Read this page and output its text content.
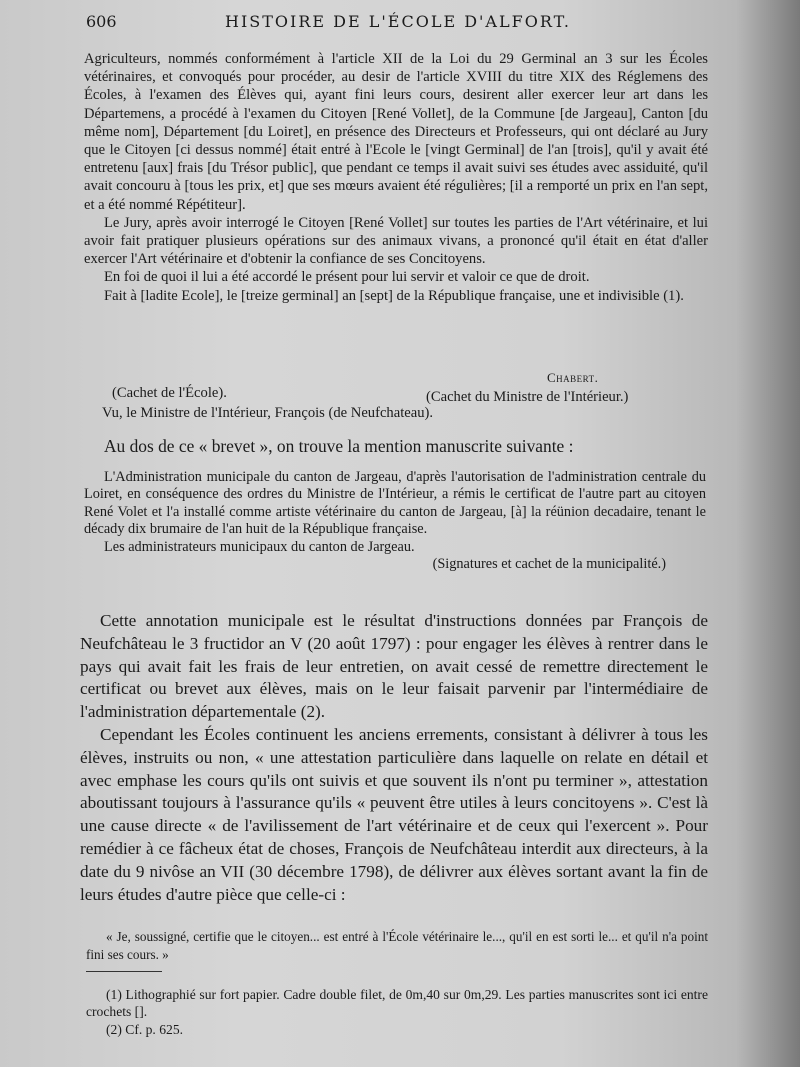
606	HISTOIRE DE L'ÉCOLE D'ALFORT.

Agriculteurs, nommés conformément à l'article XII de la Loi du 29 Germinal an 3 sur les Écoles vétérinaires, et convoqués pour procéder, au desir de l'article XVIII du titre XIX des Réglemens des Écoles, à l'examen des Élèves qui, ayant fini leurs cours, desirent aller exercer leur art dans les Départemens, a procédé à l'examen du Citoyen [René Vollet], de la Commune [de Jargeau], Canton [du même nom], Département [du Loiret], en présence des Directeurs et Professeurs, qui ont déclaré au Jury que le Citoyen [ci dessus nommé] était entré à l'Ecole le [vingt Germinal] de l'an [trois], qu'il y avait été entretenu [aux] frais [du Trésor public], que pendant ce temps il avait suivi ses études avec assiduité, qu'il avait concouru à [tous les prix, et] que ses mœurs avaient été régulières; [il a remporté un prix en l'an sept, et a été nommé Répétiteur].

Le Jury, après avoir interrogé le Citoyen [René Vollet] sur toutes les parties de l'Art vétérinaire, et lui avoir fait pratiquer plusieurs opérations sur des animaux vivans, a prononcé qu'il était en état d'aller exercer l'Art vétérinaire et d'obtenir la confiance de ses Concitoyens.

En foi de quoi il lui a été accordé le présent pour lui servir et valoir ce que de droit.

Fait à [ladite Ecole], le [treize germinal] an [sept] de la République française, une et indivisible (1).

Chabert.
(Cachet de l'École).	(Cachet du Ministre de l'Intérieur.)
Vu, le Ministre de l'Intérieur, François (de Neufchateau).
Au dos de ce « brevet », on trouve la mention manuscrite suivante :

L'Administration municipale du canton de Jargeau, d'après l'autorisation de l'administration centrale du Loiret, en conséquence des ordres du Ministre de l'Intérieur, a rémis le certificat de l'autre part au citoyen René Volet et l'a installé comme artiste vétérinaire du canton de Jargeau, [à] la réünion decadaire, tenant le décady dix brumaire de l'an huit de la République française.

Les administrateurs municipaux du canton de Jargeau.

(Signatures et cachet de la municipalité.)

Cette annotation municipale est le résultat d'instructions données par François de Neufchâteau le 3 fructidor an V (20 août 1797) : pour engager les élèves à rentrer dans le pays qui avait fait les frais de leur entretien, on avait cessé de remettre directement le certificat ou brevet aux élèves, mais on le leur faisait parvenir par l'intermédiaire de l'administration départementale (2).

Cependant les Écoles continuent les anciens errements, consistant à délivrer à tous les élèves, instruits ou non, « une attestation particulière dans laquelle on relate en détail et avec emphase les cours qu'ils ont suivis et que souvent ils n'ont pu terminer », attestation aboutissant toujours à l'assurance qu'ils « peuvent être utiles à leurs concitoyens ». C'est là une cause directe « de l'avilissement de l'art vétérinaire et de ceux qui l'exercent ». Pour remédier à ce fâcheux état de choses, François de Neufchâteau interdit aux directeurs, à la date du 9 nivôse an VII (30 décembre 1798), de délivrer aux élèves sortant avant la fin de leurs études d'autre pièce que celle-ci :

« Je, soussigné, certifie que le citoyen... est entré à l'École vétérinaire le..., qu'il en est sorti le... et qu'il n'a point fini ses cours. »

(1) Lithographié sur fort papier. Cadre double filet, de 0m,40 sur 0m,29. Les parties manuscrites sont ici entre crochets [].

(2) Cf. p. 625.
